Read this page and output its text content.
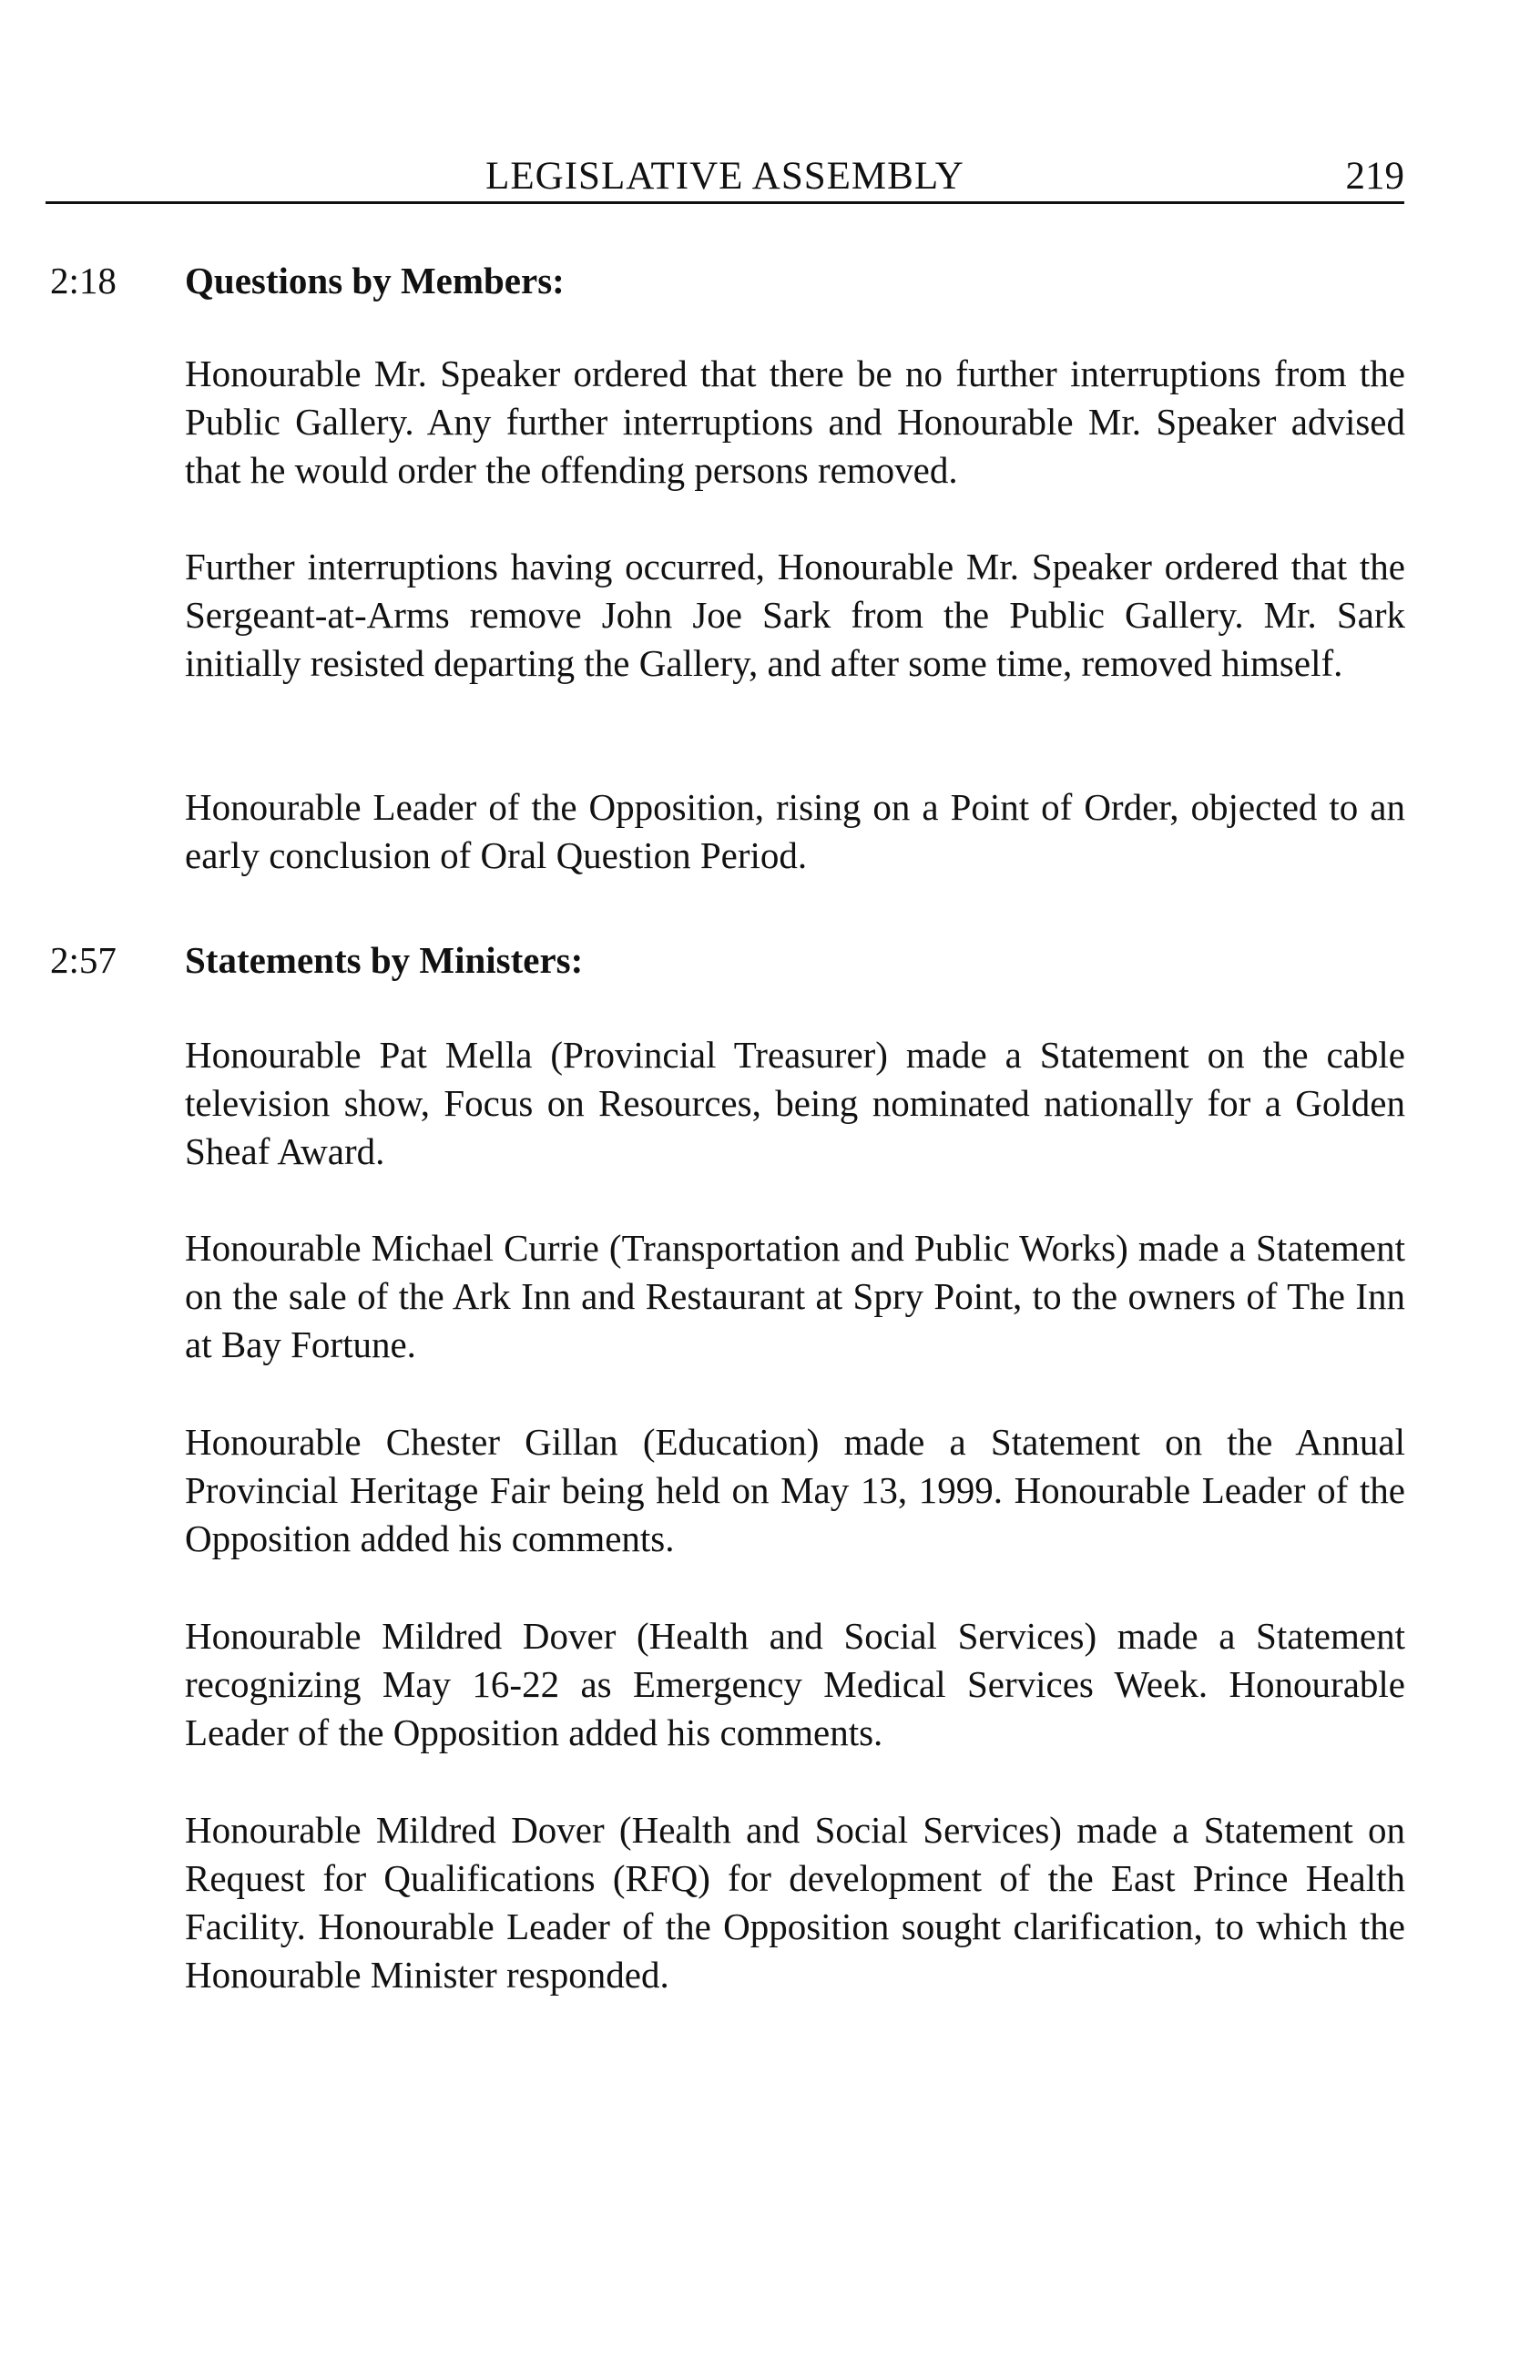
LEGISLATIVE ASSEMBLY	219
2:18 Questions by Members:

Honourable Mr. Speaker ordered that there be no further interruptions from the Public Gallery. Any further interruptions and Honourable Mr. Speaker advised that he would order the offending persons removed.

Further interruptions having occurred, Honourable Mr. Speaker ordered that the Sergeant-at-Arms remove John Joe Sark from the Public Gallery. Mr. Sark initially resisted departing the Gallery, and after some time, removed himself.

Honourable Leader of the Opposition, rising on a Point of Order, objected to an early conclusion of Oral Question Period.

2:57 Statements by Ministers:

Honourable Pat Mella (Provincial Treasurer) made a Statement on the cable television show, Focus on Resources, being nominated nationally for a Golden Sheaf Award.

Honourable Michael Currie (Transportation and Public Works) made a Statement on the sale of the Ark Inn and Restaurant at Spry Point, to the owners of The Inn at Bay Fortune.

Honourable Chester Gillan (Education) made a Statement on the Annual Provincial Heritage Fair being held on May 13, 1999. Honourable Leader of the Opposition added his comments.

Honourable Mildred Dover (Health and Social Services) made a Statement recognizing May 16-22 as Emergency Medical Services Week. Honourable Leader of the Opposition added his comments.

Honourable Mildred Dover (Health and Social Services) made a Statement on Request for Qualifications (RFQ) for development of the East Prince Health Facility. Honourable Leader of the Opposition sought clarification, to which the Honourable Minister responded.
